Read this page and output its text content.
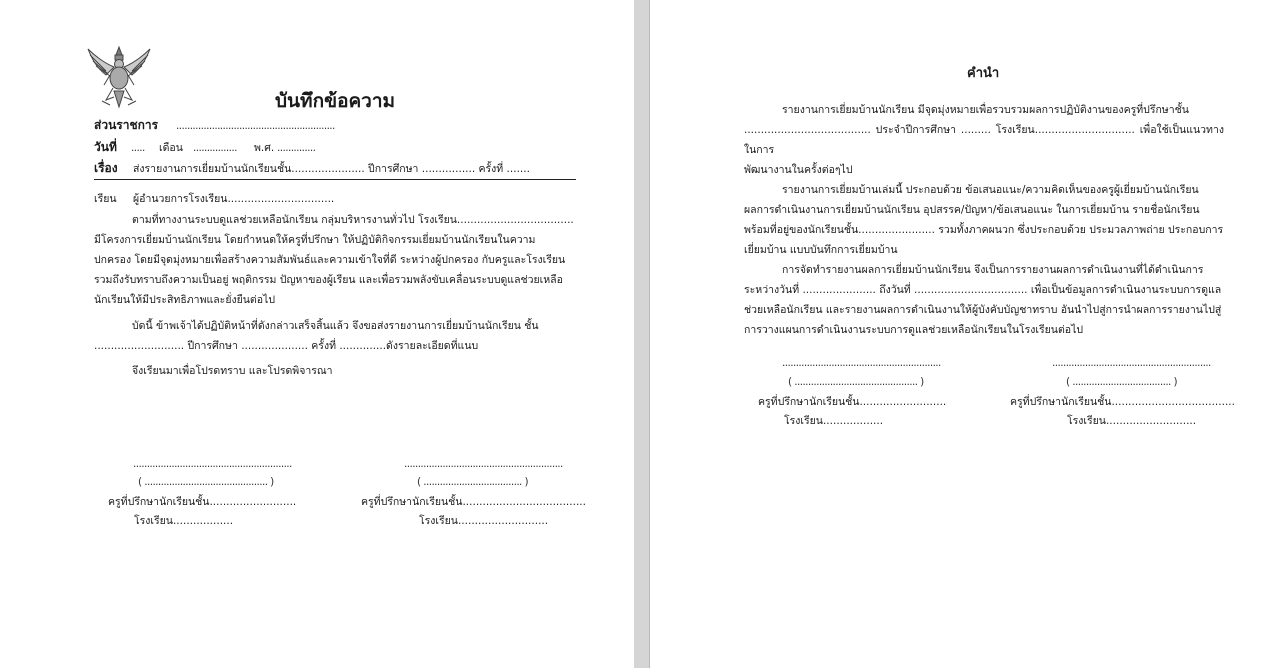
บันทึกข้อความ
ส่วนราชการ ..........................................................
วันที่ ..... เดือน ................ พ.ศ. ..............
เรื่อง ส่งรายงานการเยี่ยมบ้านนักเรียนชั้น...................... ปีการศึกษา ................ ครั้งที่ .......
เรียน ผู้อำนวยการโรงเรียน................................
ตามที่ทางงานระบบดูแลช่วยเหลือนักเรียน กลุ่มบริหารงานทั่วไป โรงเรียน...................................
มีโครงการเยี่ยมบ้านนักเรียน โดยกำหนดให้ครูที่ปรึกษา ให้ปฏิบัติกิจกรรมเยี่ยมบ้านนักเรียนในความ
ปกครอง โดยมีจุดมุ่งหมายเพื่อสร้างความสัมพันธ์และความเข้าใจที่ดี ระหว่างผู้ปกครอง กับครูและโรงเรียน
รวมถึงรับทราบถึงความเป็นอยู่ พฤติกรรม ปัญหาของผู้เรียน และเพื่อรวมพลังขับเคลื่อนระบบดูแลช่วยเหลือ
นักเรียนให้มีประสิทธิภาพและยั่งยืนต่อไป
บัดนี้ ข้าพเจ้าได้ปฏิบัติหน้าที่ดังกล่าวเสร็จสิ้นแล้ว จึงขอส่งรายงานการเยี่ยมบ้านนักเรียน ชั้น
........................... ปีการศึกษา .................... ครั้งที่ ..............ดังรายละเอียดที่แนบ
จึงเรียนมาเพื่อโปรดทราบ และโปรดพิจารณา
..........................................................
( ............................................. )
ครูที่ปรึกษานักเรียนชั้น..........................
โรงเรียน..................
..........................................................
( .................................... )
ครูที่ปรึกษานักเรียนชั้น.....................................
โรงเรียน...........................
คำนำ
รายงานการเยี่ยมบ้านนักเรียน มีจุดมุ่งหมายเพื่อรวบรวมผลการปฏิบัติงานของครูที่ปรึกษาชั้น
...................................... ประจำปีการศึกษา ......... โรงเรียน.............................. เพื่อใช้เป็นแนวทางในการ
พัฒนางานในครั้งต่อๆไป
รายงานการเยี่ยมบ้านเล่มนี้ ประกอบด้วย ข้อเสนอแนะ/ความคิดเห็นของครูผู้เยี่ยมบ้านนักเรียน
ผลการดำเนินงานการเยี่ยมบ้านนักเรียน อุปสรรค/ปัญหา/ข้อเสนอแนะ ในการเยี่ยมบ้าน รายชื่อนักเรียน
พร้อมที่อยู่ของนักเรียนชั้น....................... รวมทั้งภาคผนวก ซึ่งประกอบด้วย ประมวลภาพถ่าย ประกอบการ
เยี่ยมบ้าน แบบบันทึกการเยี่ยมบ้าน
การจัดทำรายงานผลการเยี่ยมบ้านนักเรียน จึงเป็นการรายงานผลการดำเนินงานที่ได้ดำเนินการ
ระหว่างวันที่ ...................... ถึงวันที่ .................................. เพื่อเป็นข้อมูลการดำเนินงานระบบการดูแล
ช่วยเหลือนักเรียน และรายงานผลการดำเนินงานให้ผู้บังคับบัญชาทราบ อันนำไปสู่การนำผลการรายงานไปสู่
การวางแผนการดำเนินงานระบบการดูแลช่วยเหลือนักเรียนในโรงเรียนต่อไป
..........................................................
( ............................................. )
ครูที่ปรึกษานักเรียนชั้น..........................
โรงเรียน..................
..........................................................
( .................................... )
ครูที่ปรึกษานักเรียนชั้น.....................................
โรงเรียน...........................
